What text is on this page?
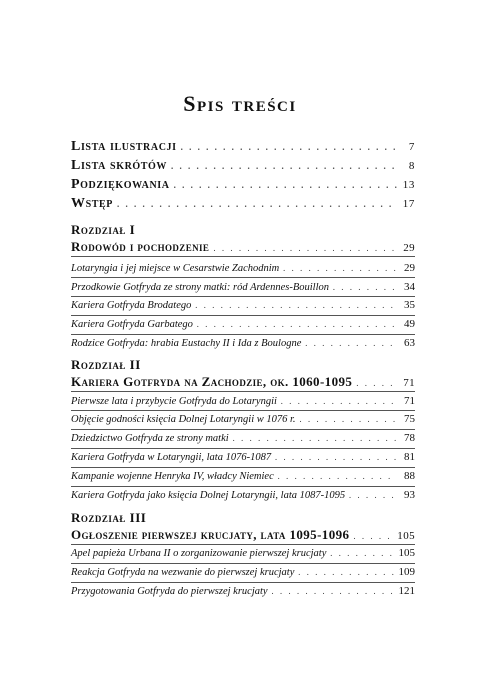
Spis treści
Lista ilustracji . . .	7
Lista skrótów . . .	8
Podziękowania . . .	13
Wstęp . . .	17
Rozdział I
Rodowód i pochodzenie . . .	29
Lotaryngia i jej miejsce w Cesarstwie Zachodnim . . .	29
Przodkowie Gotfryda ze strony matki: ród Ardennes-Bouillon . . .	34
Kariera Gotfryda Brodatego . . .	35
Kariera Gotfryda Garbatego . . .	49
Rodzice Gotfryda: hrabia Eustachy II i Ida z Boulogne . . .	63
Rozdział II
Kariera Gotfryda na Zachodzie, ok. 1060-1095 . . .	71
Pierwsze lata i przybycie Gotfryda do Lotaryngii . . .	71
Objęcie godności księcia Dolnej Lotaryngii w 1076 r. . . .	75
Dziedzictwo Gotfryda ze strony matki . . .	78
Kariera Gotfryda w Lotaryngii, lata 1076-1087 . . .	81
Kampanie wojenne Henryka IV, władcy Niemiec . . .	88
Kariera Gotfryda jako księcia Dolnej Lotaryngii, lata 1087-1095 . . .	93
Rozdział III
Ogłoszenie pierwszej krucjaty, lata 1095-1096 . . .	105
Apel papieża Urbana II o zorganizowanie pierwszej krucjaty . . .	105
Reakcja Gotfryda na wezwanie do pierwszej krucjaty . . .	109
Przygotowania Gotfryda do pierwszej krucjaty . . .	121
